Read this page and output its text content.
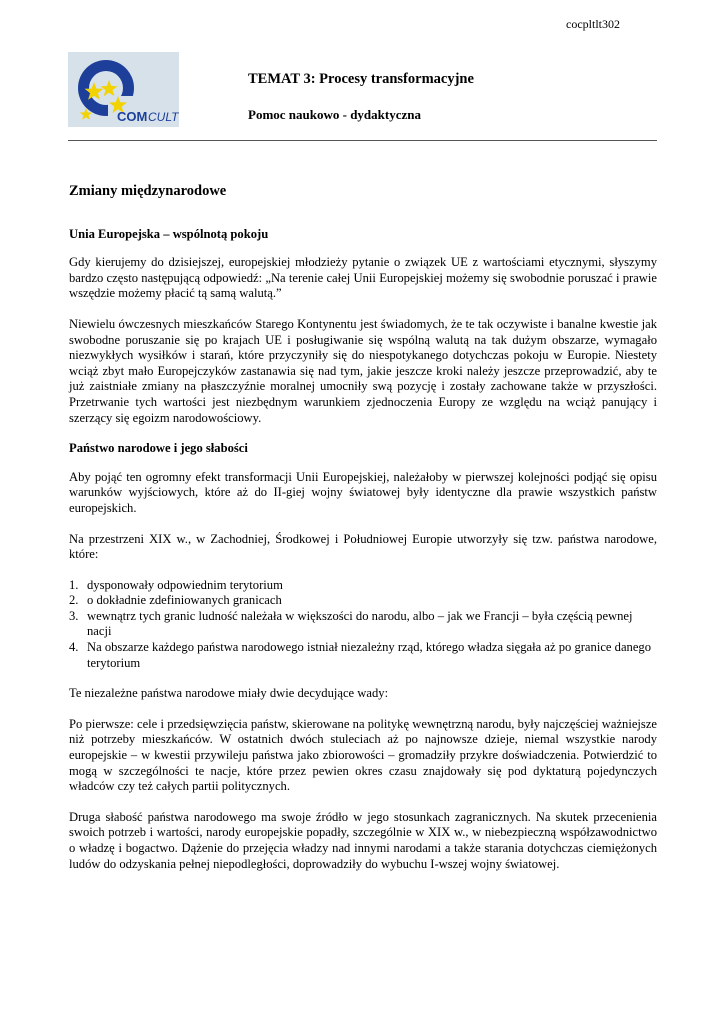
cocpltlt302
COM CULT
TEMAT 3: Procesy transformacyjne
Pomoc naukowo - dydaktyczna
Zmiany międzynarodowe

Unia Europejska – wspólnotą pokoju

Gdy kierujemy do dzisiejszej, europejskiej młodzieży pytanie o związek UE z wartościami etycznymi, słyszymy bardzo często następującą odpowiedź: „Na terenie całej Unii Europejskiej możemy się swobodnie poruszać i prawie wszędzie możemy płacić tą samą walutą.”

Niewielu ówczesnych mieszkańców Starego Kontynentu jest świadomych, że te tak oczywiste i banalne kwestie jak swobodne poruszanie się po krajach UE i posługiwanie się wspólną walutą na tak dużym obszarze, wymagało niezwykłych wysiłków i starań, które przyczyniły się do niespotykanego dotychczas pokoju w Europie. Niestety wciąż zbyt mało Europejczyków zastanawia się nad tym, jakie jeszcze kroki należy jeszcze przeprowadzić, aby te już zaistniałe zmiany na płaszczyźnie moralnej umocniły swą pozycję i zostały zachowane także w przyszłości. Przetrwanie tych wartości jest niezbędnym warunkiem zjednoczenia Europy ze względu na wciąż panujący i szerzący się egoizm narodowościowy.

Państwo narodowe i jego słabości

Aby pojąć ten ogromny efekt transformacji Unii Europejskiej, należałoby w pierwszej kolejności podjąć się opisu warunków wyjściowych, które aż do II-giej wojny światowej były identyczne dla prawie wszystkich państw europejskich.

Na przestrzeni XIX w., w Zachodniej, Środkowej i Południowej Europie utworzyły się tzw. państwa narodowe, które:

1. dysponowały odpowiednim terytorium
2. o dokładnie zdefiniowanych granicach
3. wewnątrz tych granic ludność należała w większości do narodu, albo – jak we Francji – była częścią pewnej nacji
4. Na obszarze każdego państwa narodowego istniał niezależny rząd, którego władza sięgała aż po granice danego terytorium

Te niezależne państwa narodowe miały dwie decydujące wady:

Po pierwsze: cele i przedsięwzięcia państw, skierowane na politykę wewnętrzną narodu, były najczęściej ważniejsze niż potrzeby mieszkańców. W ostatnich dwóch stuleciach aż po najnowsze dzieje, niemal wszystkie narody europejskie – w kwestii przywileju państwa jako zbiorowości – gromadziły przykre doświadczenia. Potwierdzić to mogą w szczególności te nacje, które przez pewien okres czasu znajdowały się pod dyktaturą pojedynczych władców czy też całych partii politycznych.

Druga słabość państwa narodowego ma swoje źródło w jego stosunkach zagranicznych. Na skutek przecenienia swoich potrzeb i wartości, narody europejskie popadły, szczególnie w XIX w., w niebezpieczną współzawodnictwo o władzę i bogactwo. Dążenie do przejęcia władzy nad innymi narodami a także starania dotychczas ciemiężonych ludów do odzyskania pełnej niepodległości, doprowadziły do wybuchu I-wszej wojny światowej.
